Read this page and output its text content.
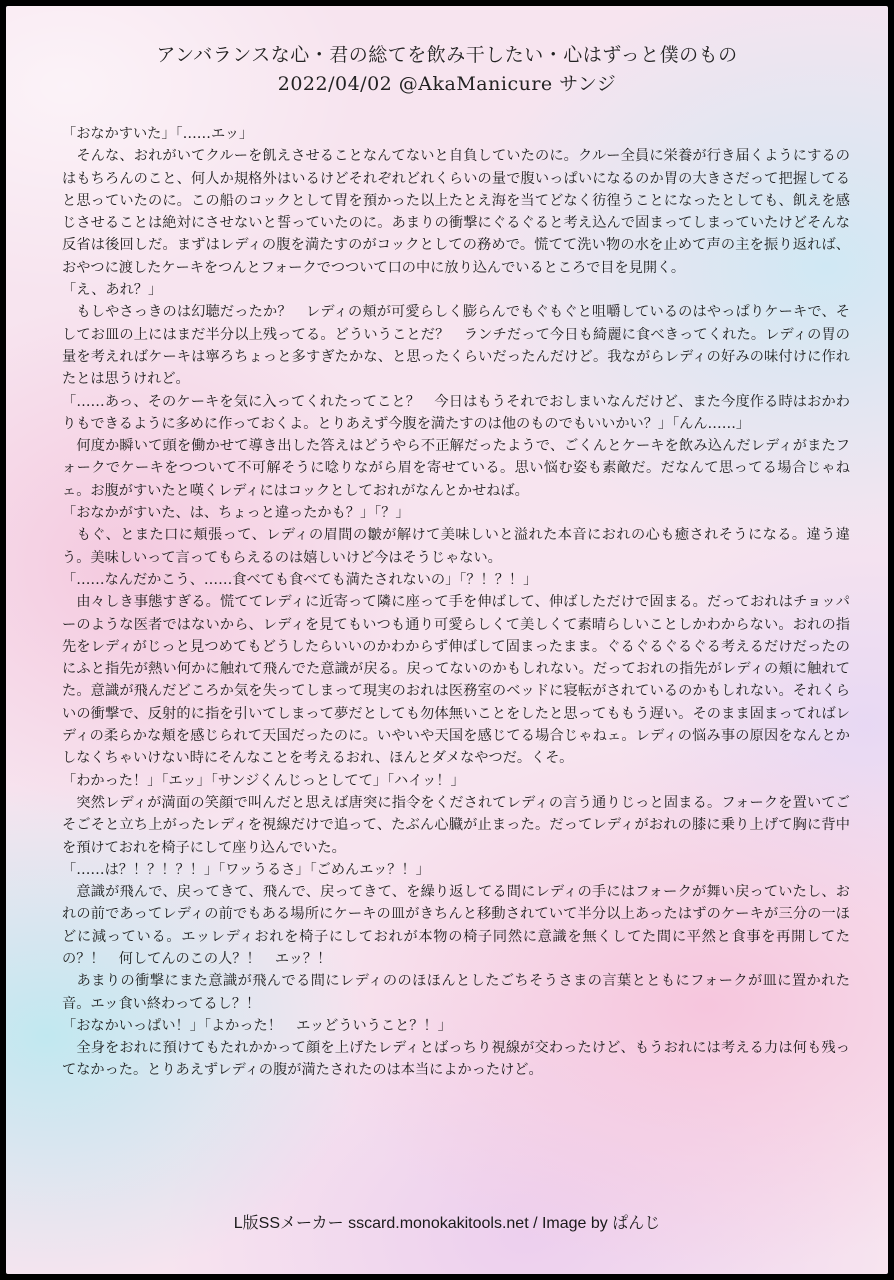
アンバランスな心・君の総てを飲み干したい・心はずっと僕のもの
2022/04/02 @AkaManicure サンジ

「おなかすいた」「……エッ」

　そんな、おれがいてクルーを飢えさせることなんてないと自負していたのに。クルー全員に栄養が行き届くようにするのはもちろんのこと、何人か規格外はいるけどそれぞれどれくらいの量で腹いっぱいになるのか胃の大きさだって把握してると思っていたのに。この船のコックとして胃を預かった以上たとえ海を当てどなく彷徨うことになったとしても、飢えを感じさせることは絶対にさせないと誓っていたのに。あまりの衝撃にぐるぐると考え込んで固まってしまっていたけどそんな反省は後回しだ。まずはレディの腹を満たすのがコックとしての務めで。慌てて洗い物の水を止めて声の主を振り返れば、おやつに渡したケーキをつんとフォークでつついて口の中に放り込んでいるところで目を見開く。

「え、あれ？」

　もしやさっきのは幻聴だったか？　レディの頬が可愛らしく膨らんでもぐもぐと咀嚼しているのはやっぱりケーキで、そしてお皿の上にはまだ半分以上残ってる。どういうことだ？　ランチだって今日も綺麗に食べきってくれた。レディの胃の量を考えればケーキは寧ろちょっと多すぎたかな、と思ったくらいだったんだけど。我ながらレディの好みの味付けに作れたとは思うけれど。

「……あっ、そのケーキを気に入ってくれたってこと？　今日はもうそれでおしまいなんだけど、また今度作る時はおかわりもできるように多めに作っておくよ。とりあえず今腹を満たすのは他のものでもいいかい？」「んん……」

　何度か瞬いて頭を働かせて導き出した答えはどうやら不正解だったようで、ごくんとケーキを飲み込んだレディがまたフォークでケーキをつついて不可解そうに唸りながら眉を寄せている。思い悩む姿も素敵だ。だなんて思ってる場合じゃねェ。お腹がすいたと嘆くレディにはコックとしておれがなんとかせねば。

「おなかがすいた、は、ちょっと違ったかも？」「？」

　もぐ、とまた口に頬張って、レディの眉間の皺が解けて美味しいと溢れた本音におれの心も癒されそうになる。違う違う。美味しいって言ってもらえるのは嬉しいけど今はそうじゃない。

「……なんだかこう、……食べても食べても満たされないの」「？！？！」

　由々しき事態すぎる。慌ててレディに近寄って隣に座って手を伸ばして、伸ばしただけで固まる。だっておれはチョッパーのような医者ではないから、レディを見てもいつも通り可愛らしくて美しくて素晴らしいことしかわからない。おれの指先をレディがじっと見つめてもどうしたらいいのかわからず伸ばして固まったまま。ぐるぐるぐるぐる考えるだけだったのにふと指先が熱い何かに触れて飛んでた意識が戻る。戻ってないのかもしれない。だっておれの指先がレディの頬に触れてた。意識が飛んだどころか気を失ってしまって現実のおれは医務室のベッドに寝転がされているのかもしれない。それくらいの衝撃で、反射的に指を引いてしまって夢だとしても勿体無いことをしたと思ってももう遅い。そのまま固まってればレディの柔らかな頬を感じられて天国だったのに。いやいや天国を感じてる場合じゃねェ。レディの悩み事の原因をなんとかしなくちゃいけない時にそんなことを考えるおれ、ほんとダメなやつだ。くそ。

「わかった！」「エッ」「サンジくんじっとしてて」「ハイッ！」

　突然レディが満面の笑顔で叫んだと思えば唐突に指令をくだされてレディの言う通りじっと固まる。フォークを置いてごそごそと立ち上がったレディを視線だけで追って、たぶん心臓が止まった。だってレディがおれの膝に乗り上げて胸に背中を預けておれを椅子にして座り込んでいた。

「……は？！？！？！」「ワッうるさ」「ごめんエッ？！」

　意識が飛んで、戻ってきて、飛んで、戻ってきて、を繰り返してる間にレディの手にはフォークが舞い戻っていたし、おれの前であってレディの前でもある場所にケーキの皿がきちんと移動されていて半分以上あったはずのケーキが三分の一ほどに減っている。エッレディおれを椅子にしておれが本物の椅子同然に意識を無くしてた間に平然と食事を再開してたの？！　何してんのこの人？！　エッ？！

　あまりの衝撃にまた意識が飛んでる間にレディののほほんとしたごちそうさまの言葉とともにフォークが皿に置かれた音。エッ食い終わってるし？！

「おなかいっぱい！」「よかった！　エッどういうこと？！」

　全身をおれに預けてもたれかかって顔を上げたレディとばっちり視線が交わったけど、もうおれには考える力は何も残ってなかった。とりあえずレディの腹が満たされたのは本当によかったけど。

L版SSメーカー sscard.monokakitools.net / Image by ぱんじ
